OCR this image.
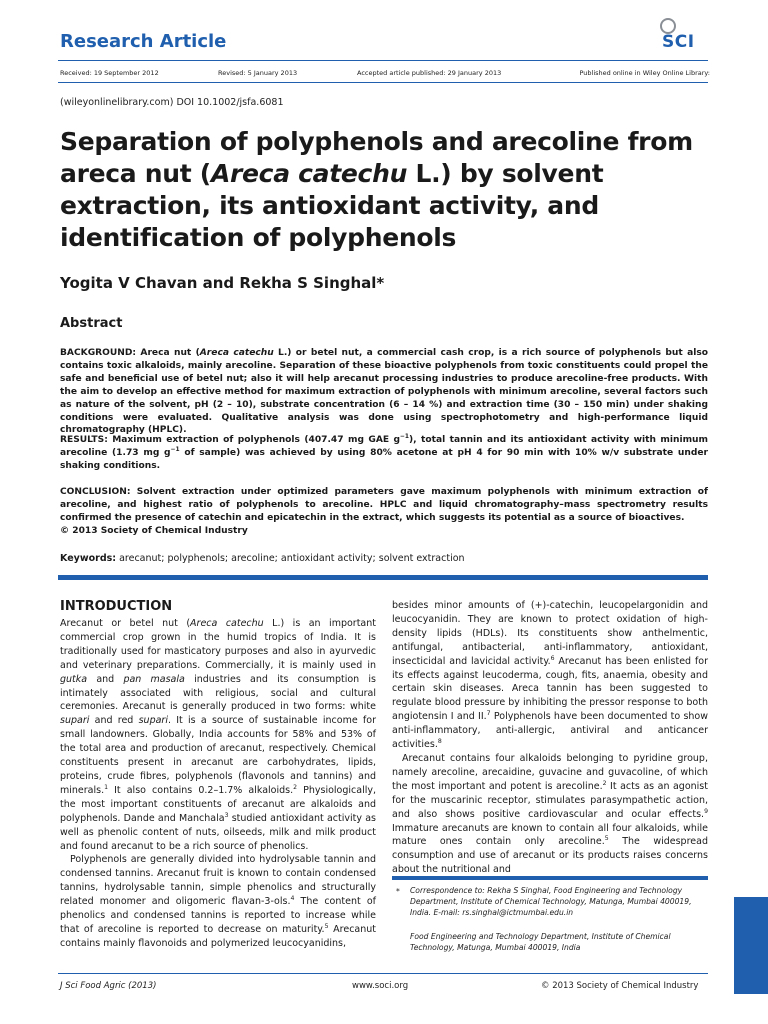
Research Article	SCI
Received: 19 September 2012	Revised: 5 January 2013	Accepted article published: 29 January 2013	Published online in Wiley Online Library:
(wileyonlinelibrary.com) DOI 10.1002/jsfa.6081
Separation of polyphenols and arecoline from areca nut (Areca catechu L.) by solvent extraction, its antioxidant activity, and identification of polyphenols
Yogita V Chavan and Rekha S Singhal*
Abstract
BACKGROUND: Areca nut (Areca catechu L.) or betel nut, a commercial cash crop, is a rich source of polyphenols but also contains toxic alkaloids, mainly arecoline. Separation of these bioactive polyphenols from toxic constituents could propel the safe and beneficial use of betel nut; also it will help arecanut processing industries to produce arecoline-free products. With the aim to develop an effective method for maximum extraction of polyphenols with minimum arecoline, several factors such as nature of the solvent, pH (2 – 10), substrate concentration (6 – 14 %) and extraction time (30 – 150 min) under shaking conditions were evaluated. Qualitative analysis was done using spectrophotometry and high-performance liquid chromatography (HPLC).
RESULTS: Maximum extraction of polyphenols (407.47 mg GAE $g^{-1}$), total tannin and its antioxidant activity with minimum arecoline (1.73 mg $g^{-1}$ of sample) was achieved by using 80% acetone at pH 4 for 90 min with 10% w/v substrate under shaking conditions.
CONCLUSION: Solvent extraction under optimized parameters gave maximum polyphenols with minimum extraction of arecoline, and highest ratio of polyphenols to arecoline. HPLC and liquid chromatography–mass spectrometry results confirmed the presence of catechin and epicatechin in the extract, which suggests its potential as a source of bioactives.
© 2013 Society of Chemical Industry
Keywords: arecanut; polyphenols; arecoline; antioxidant activity; solvent extraction
INTRODUCTION

Arecanut or betel nut (Areca catechu L.) is an important commercial crop grown in the humid tropics of India. It is traditionally used for masticatory purposes and also in ayurvedic and veterinary preparations. Commercially, it is mainly used in gutka and pan masala industries and its consumption is intimately associated with religious, social and cultural ceremonies. Arecanut is generally produced in two forms: white supari and red supari. It is a source of sustainable income for small landowners. Globally, India accounts for 58% and 53% of the total area and production of arecanut, respectively. Chemical constituents present in arecanut are carbohydrates, lipids, proteins, crude fibres, polyphenols (flavonols and tannins) and minerals.$^1$ It also contains 0.2–1.7% alkaloids.$^2$ Physiologically, the most important constituents of arecanut are alkaloids and polyphenols. Dande and Manchala$^3$ studied antioxidant activity as well as phenolic content of nuts, oilseeds, milk and milk product and found arecanut to be a rich source of phenolics.

Polyphenols are generally divided into hydrolysable tannin and condensed tannins. Arecanut fruit is known to contain condensed tannins, hydrolysable tannin, simple phenolics and structurally related monomer and oligomeric flavan-3-ols.$^4$ The content of phenolics and condensed tannins is reported to increase while that of arecoline is reported to decrease on maturity.$^5$ Arecanut contains mainly flavonoids and polymerized leucocyanidins,

besides minor amounts of (+)-catechin, leucopelargonidin and leucocyanidin. They are known to protect oxidation of high-density lipids (HDLs). Its constituents show anthelmentic, antifungal, antibacterial, anti-inflammatory, antioxidant, insecticidal and lavicidal activity.$^6$ Arecanut has been enlisted for its effects against leucoderma, cough, fits, anaemia, obesity and certain skin diseases. Areca tannin has been suggested to regulate blood pressure by inhibiting the pressor response to both angiotensin I and II.$^7$ Polyphenols have been documented to show anti-inflammatory, anti-allergic, antiviral and anticancer activities.$^8$

Arecanut contains four alkaloids belonging to pyridine group, namely arecoline, arecaidine, guvacine and guvacoline, of which the most important and potent is arecoline.$^2$ It acts as an agonist for the muscarinic receptor, stimulates parasympathetic action, and also shows positive cardiovascular and ocular effects.$^9$ Immature arecanuts are known to contain all four alkaloids, while mature ones contain only arecoline.$^5$ The widespread consumption and use of arecanut or its products raises concerns about the nutritional and

* Correspondence to: Rekha S Singhal, Food Engineering and Technology Department, Institute of Chemical Technology, Matunga, Mumbai 400019, India. E-mail: rs.singhal@ictmumbai.edu.in
Food Engineering and Technology Department, Institute of Chemical Technology, Matunga, Mumbai 400019, India
J Sci Food Agric (2013)	www.soci.org	© 2013 Society of Chemical Industry
